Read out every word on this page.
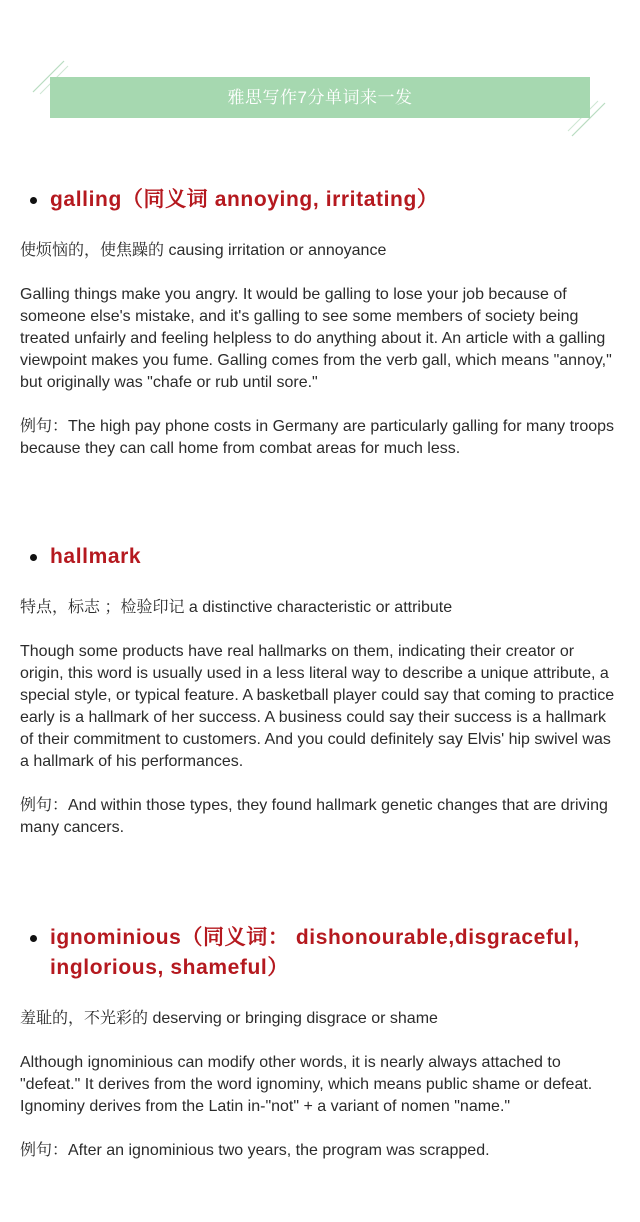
雅思写作7分单词来一发
galling（同义词 annoying, irritating）

使烦恼的，使焦躁的 causing irritation or annoyance

Galling things make you angry. It would be galling to lose your job because of someone else's mistake, and it's galling to see some members of society being treated unfairly and feeling helpless to do anything about it. An article with a galling viewpoint makes you fume. Galling comes from the verb gall, which means "annoy," but originally was "chafe or rub until sore."

例句：The high pay phone costs in Germany are particularly galling for many troops because they can call home from combat areas for much less.

hallmark

特点，标志 ；检验印记 a distinctive characteristic or attribute

Though some products have real hallmarks on them, indicating their creator or origin, this word is usually used in a less literal way to describe a unique attribute, a special style, or typical feature. A basketball player could say that coming to practice early is a hallmark of her success. A business could say their success is a hallmark of their commitment to customers. And you could definitely say Elvis' hip swivel was a hallmark of his performances.

例句：And within those types, they found hallmark genetic changes that are driving many cancers.

ignominious（同义词： dishonourable,disgraceful, inglorious, shameful）

羞耻的，不光彩的 deserving or bringing disgrace or shame

Although ignominious can modify other words, it is nearly always attached to "defeat." It derives from the word ignominy, which means public shame or defeat. Ignominy derives from the Latin in-"not" + a variant of nomen "name."

例句：After an ignominious two years, the program was scrapped.
